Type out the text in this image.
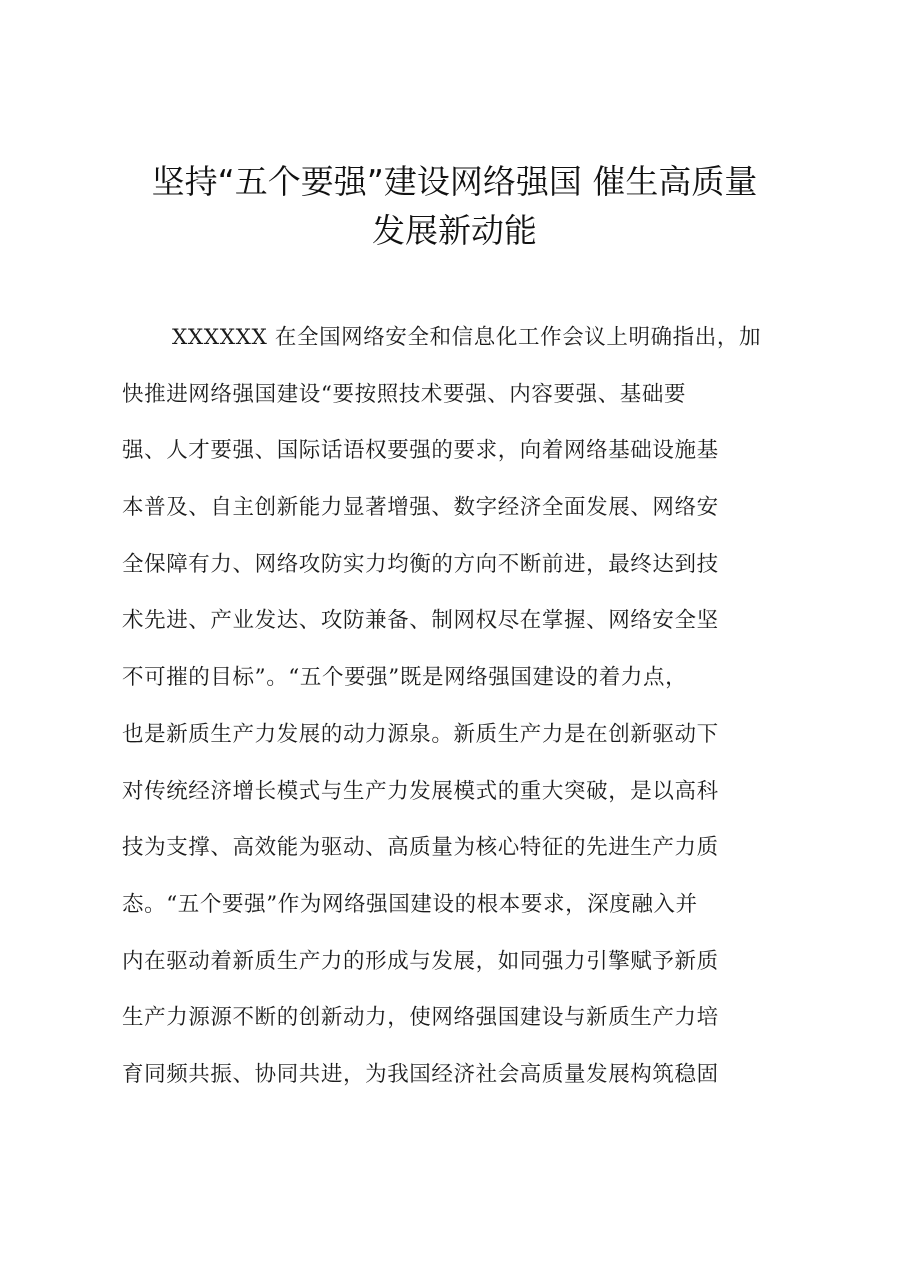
坚持“五个要强”建设网络强国 催生高质量
发展新动能
XXXXXX 在全国网络安全和信息化工作会议上明确指出，加
快推进网络强国建设“要按照技术要强、内容要强、基础要
强、人才要强、国际话语权要强的要求，向着网络基础设施基
本普及、自主创新能力显著增强、数字经济全面发展、网络安
全保障有力、网络攻防实力均衡的方向不断前进，最终达到技
术先进、产业发达、攻防兼备、制网权尽在掌握、网络安全坚
不可摧的目标”。“五个要强”既是网络强国建设的着力点，
也是新质生产力发展的动力源泉。新质生产力是在创新驱动下
对传统经济增长模式与生产力发展模式的重大突破，是以高科
技为支撑、高效能为驱动、高质量为核心特征的先进生产力质
态。“五个要强”作为网络强国建设的根本要求，深度融入并
内在驱动着新质生产力的形成与发展，如同强力引擎赋予新质
生产力源源不断的创新动力，使网络强国建设与新质生产力培
育同频共振、协同共进，为我国经济社会高质量发展构筑稳固
